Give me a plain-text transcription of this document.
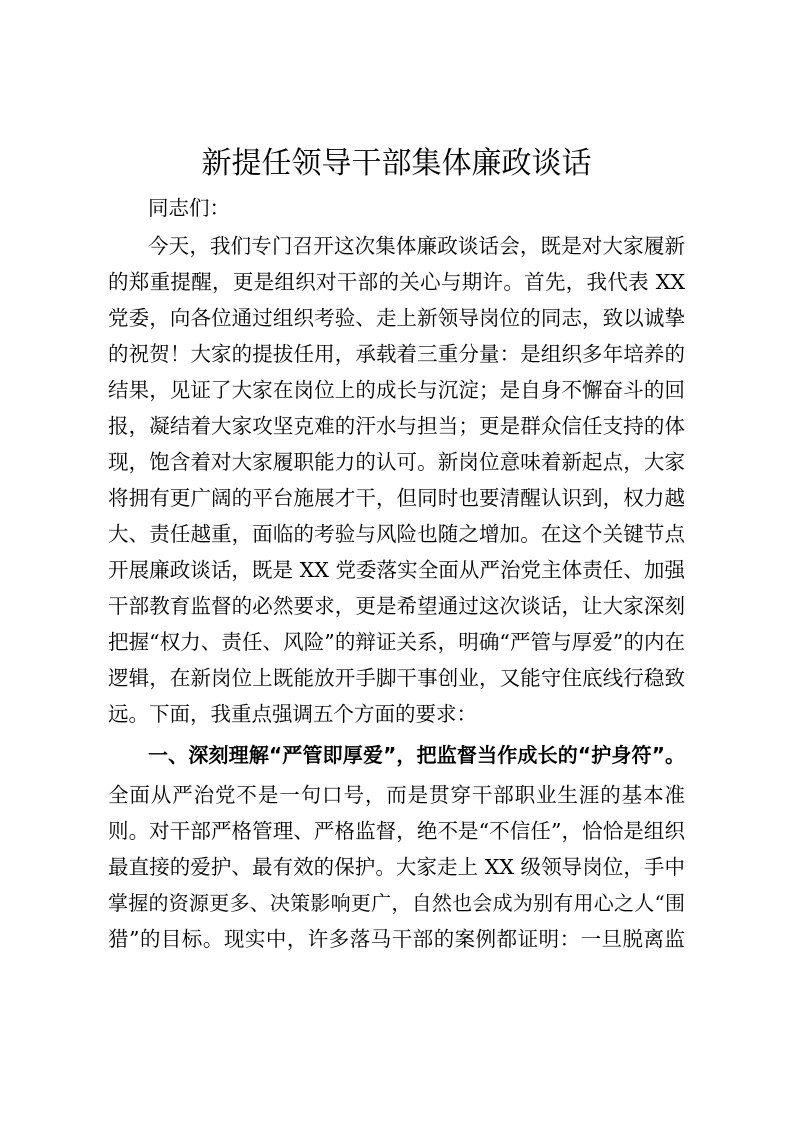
新提任领导干部集体廉政谈话
同志们：
今天，我们专门召开这次集体廉政谈话会，既是对大家履新
的郑重提醒，更是组织对干部的关心与期许。首先，我代表 XX
党委，向各位通过组织考验、走上新领导岗位的同志，致以诚挚
的祝贺！大家的提拔任用，承载着三重分量：是组织多年培养的
结果，见证了大家在岗位上的成长与沉淀；是自身不懈奋斗的回
报，凝结着大家攻坚克难的汗水与担当；更是群众信任支持的体
现，饱含着对大家履职能力的认可。新岗位意味着新起点，大家
将拥有更广阔的平台施展才干，但同时也要清醒认识到，权力越
大、责任越重，面临的考验与风险也随之增加。在这个关键节点
开展廉政谈话，既是 XX 党委落实全面从严治党主体责任、加强
干部教育监督的必然要求，更是希望通过这次谈话，让大家深刻
把握“权力、责任、风险”的辩证关系，明确“严管与厚爱”的内在
逻辑，在新岗位上既能放开手脚干事创业，又能守住底线行稳致
远。下面，我重点强调五个方面的要求：
一、深刻理解“严管即厚爱”，把监督当作成长的“护身符”。
全面从严治党不是一句口号，而是贯穿干部职业生涯的基本准
则。对干部严格管理、严格监督，绝不是“不信任”，恰恰是组织
最直接的爱护、最有效的保护。大家走上 XX 级领导岗位，手中
掌握的资源更多、决策影响更广，自然也会成为别有用心之人“围
猎”的目标。现实中，许多落马干部的案例都证明：一旦脱离监
